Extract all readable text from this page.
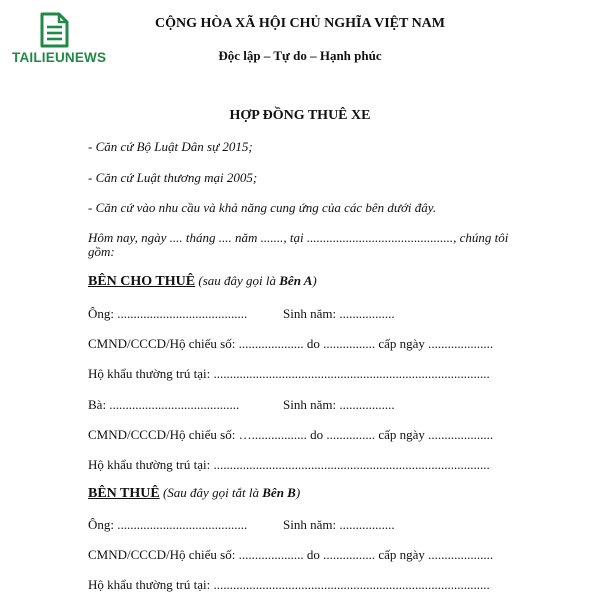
TAILIEUNEWS
CỘNG HÒA XÃ HỘI CHỦ NGHĨA VIỆT NAM
Độc lập – Tự do – Hạnh phúc
HỢP ĐỒNG THUÊ XE
- Căn cứ Bộ Luật Dân sự 2015;
- Căn cứ Luật thương mại 2005;
- Căn cứ vào nhu cầu và khả năng cung ứng của các bên dưới đây.
Hôm nay, ngày .... tháng .... năm ......., tại ............................................., chúng tôi
gồm:
BÊN CHO THUÊ (sau đây gọi là Bên A)
Ông: ........................................	Sinh năm: .................
CMND/CCCD/Hộ chiếu số: .................... do ................ cấp ngày ....................
Hộ khẩu thường trú tại: .....................................................................................
Bà: ........................................	Sinh năm: .................
CMND/CCCD/Hộ chiếu số: …................. do ............... cấp ngày ....................
Hộ khẩu thường trú tại: .....................................................................................
BÊN THUÊ (Sau đây gọi tắt là Bên B)
Ông: ........................................	Sinh năm: .................
CMND/CCCD/Hộ chiếu số: .................... do ................ cấp ngày ....................
Hộ khẩu thường trú tại: .....................................................................................
